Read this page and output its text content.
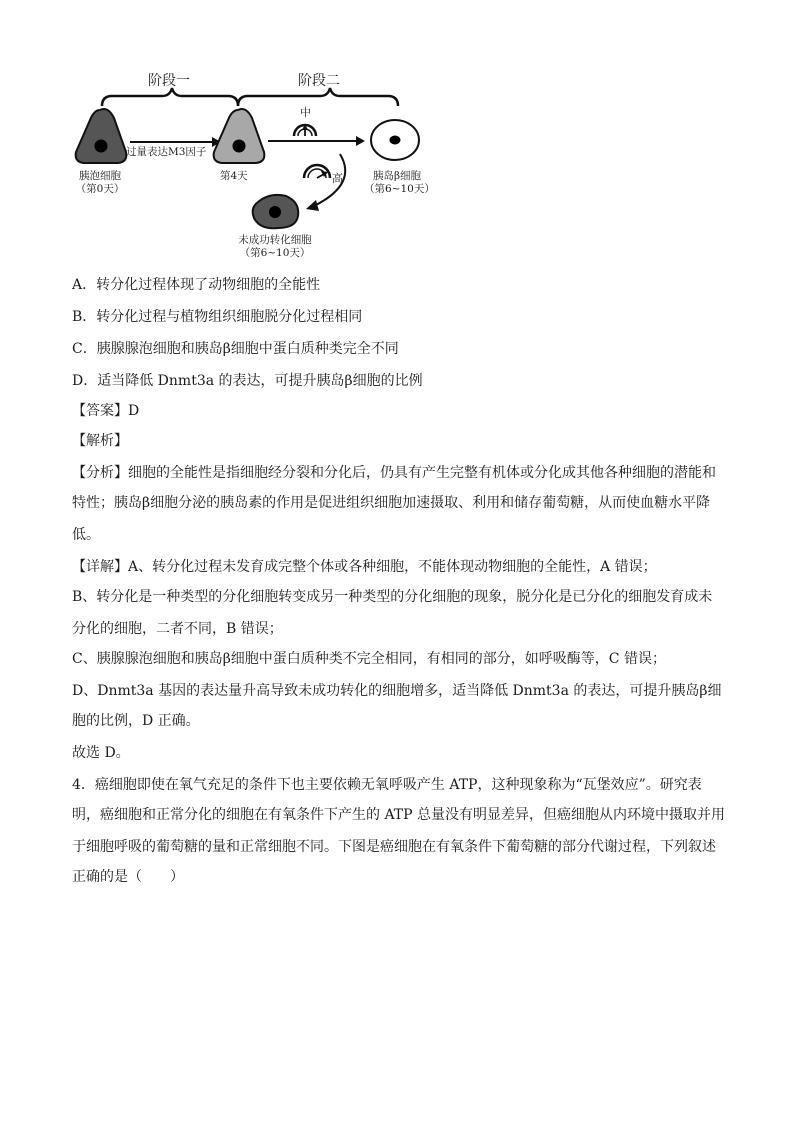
阶段一	阶段二
过量表达M3因子
中
高
胰泡细胞
（第0天）
第4天	胰岛β细胞
（第6~10天）
未成功转化细胞
（第6~10天）
A．转分化过程体现了动物细胞的全能性
B．转分化过程与植物组织细胞脱分化过程相同
C．胰腺腺泡细胞和胰岛β细胞中蛋白质种类完全不同
D．适当降低 Dnmt3a 的表达，可提升胰岛β细胞的比例
【答案】D
【解析】
【分析】细胞的全能性是指细胞经分裂和分化后，仍具有产生完整有机体或分化成其他各种细胞的潜能和
特性；胰岛β细胞分泌的胰岛素的作用是促进组织细胞加速摄取、利用和储存葡萄糖，从而使血糖水平降
低。
【详解】A、转分化过程未发育成完整个体或各种细胞，不能体现动物细胞的全能性，A 错误；
B、转分化是一种类型的分化细胞转变成另一种类型的分化细胞的现象，脱分化是已分化的细胞发育成未
分化的细胞，二者不同，B 错误；
C、胰腺腺泡细胞和胰岛β细胞中蛋白质种类不完全相同，有相同的部分，如呼吸酶等，C 错误；
D、Dnmt3a 基因的表达量升高导致未成功转化的细胞增多，适当降低 Dnmt3a 的表达，可提升胰岛β细
胞的比例，D 正确。
故选 D。
4．癌细胞即使在氧气充足的条件下也主要依赖无氧呼吸产生 ATP，这种现象称为“瓦堡效应”。研究表
明，癌细胞和正常分化的细胞在有氧条件下产生的 ATP 总量没有明显差异，但癌细胞从内环境中摄取并用
于细胞呼吸的葡萄糖的量和正常细胞不同。下图是癌细胞在有氧条件下葡萄糖的部分代谢过程，下列叙述
正确的是（　　）
